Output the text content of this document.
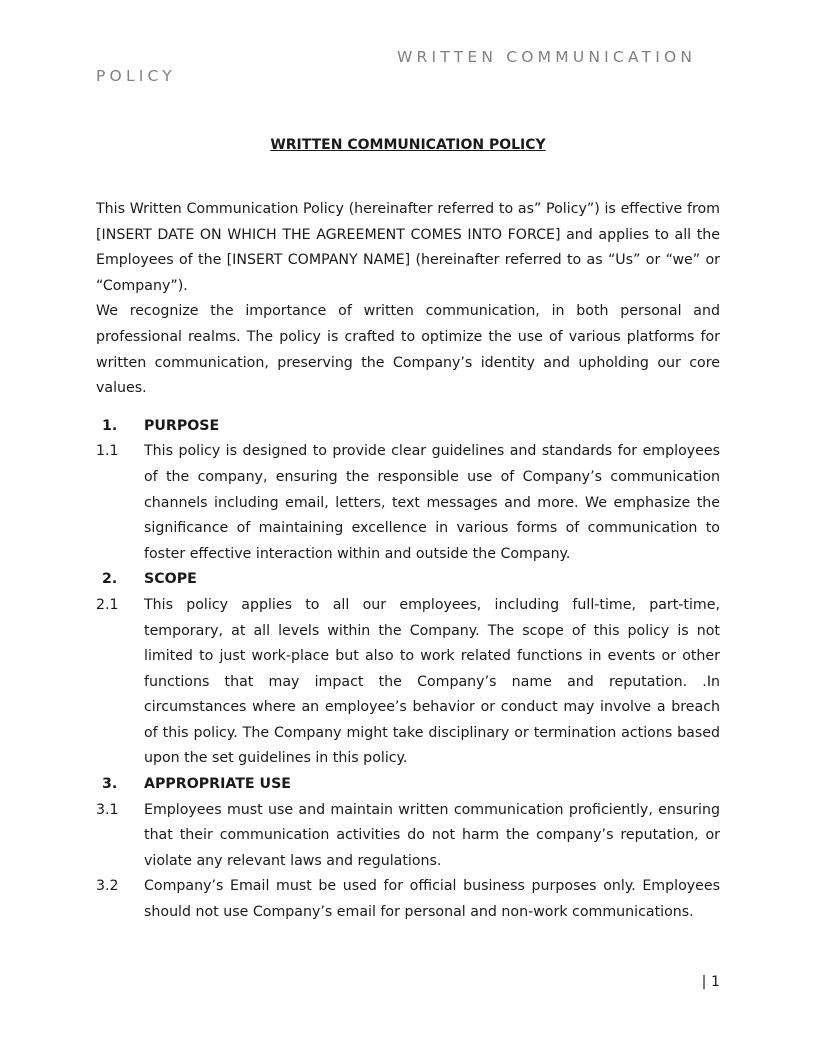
WRITTEN COMMUNICATION
POLICY
WRITTEN COMMUNICATION POLICY

This Written Communication Policy (hereinafter referred to as” Policy”) is effective from [INSERT DATE ON WHICH THE AGREEMENT COMES INTO FORCE] and applies to all the Employees of the [INSERT COMPANY NAME] (hereinafter referred to as “Us” or “we” or “Company”).

We recognize the importance of written communication, in both personal and professional realms. The policy is crafted to optimize the use of various platforms for written communication, preserving the Company’s identity and upholding our core values.

1.	PURPOSE
1.1	This policy is designed to provide clear guidelines and standards for employees of the company, ensuring the responsible use of Company’s communication channels including email, letters, text messages and more. We emphasize the significance of maintaining excellence in various forms of communication to foster effective interaction within and outside the Company.
2.	SCOPE
2.1	This policy applies to all our employees, including full-time, part-time, temporary, at all levels within the Company. The scope of this policy is not limited to just work-place but also to work related functions in events or other functions that may impact the Company’s name and reputation. .In circumstances where an employee’s behavior or conduct may involve a breach of this policy. The Company might take disciplinary or termination actions based upon the set guidelines in this policy.
3.	APPROPRIATE USE
3.1	Employees must use and maintain written communication proficiently, ensuring that their communication activities do not harm the company’s reputation, or violate any relevant laws and regulations.
3.2	Company’s Email must be used for official business purposes only. Employees should not use Company’s email for personal and non-work communications.
| 1
